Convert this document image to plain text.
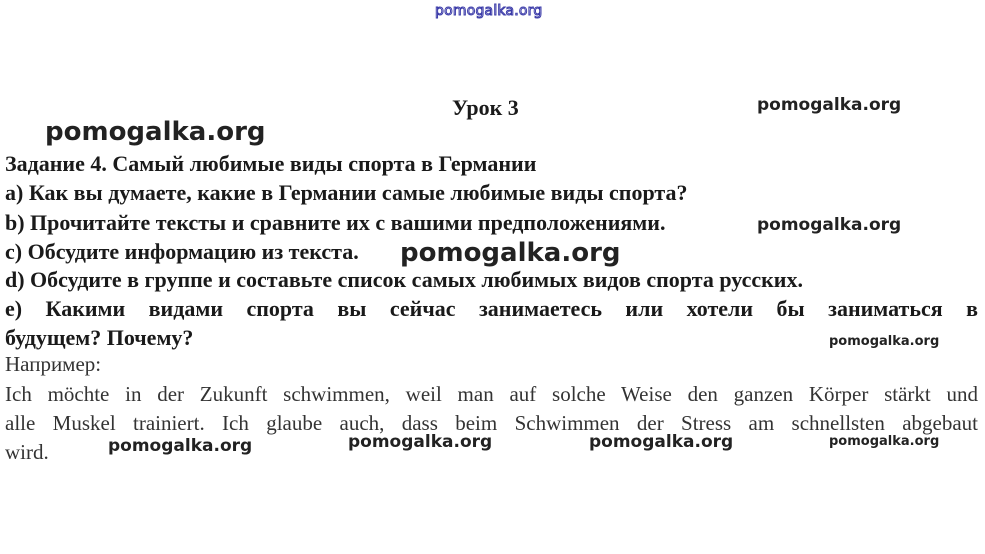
pomogalka.org
Урок 3
Задание 4. Самый любимые виды спорта в Германии
a) Как вы думаете, какие в Германии самые любимые виды спорта?
b) Прочитайте тексты и сравните их с вашими предположениями.
c) Обсудите информацию из текста.
d) Обсудите в группе и составьте список самых любимых видов спорта русских.
e) Какими видами спорта вы сейчас занимаетесь или хотели бы заниматься в
будущем? Почему?
Например:
Ich möchte in der Zukunft schwimmen, weil man auf solche Weise den ganzen Körper stärkt und
alle Muskel trainiert. Ich glaube auch, dass beim Schwimmen der Stress am schnellsten abgebaut
wird.
pomogalka.org
pomogalka.org
pomogalka.org
pomogalka.org
pomogalka.org
pomogalka.org	pomogalka.org	pomogalka.org	pomogalka.org
